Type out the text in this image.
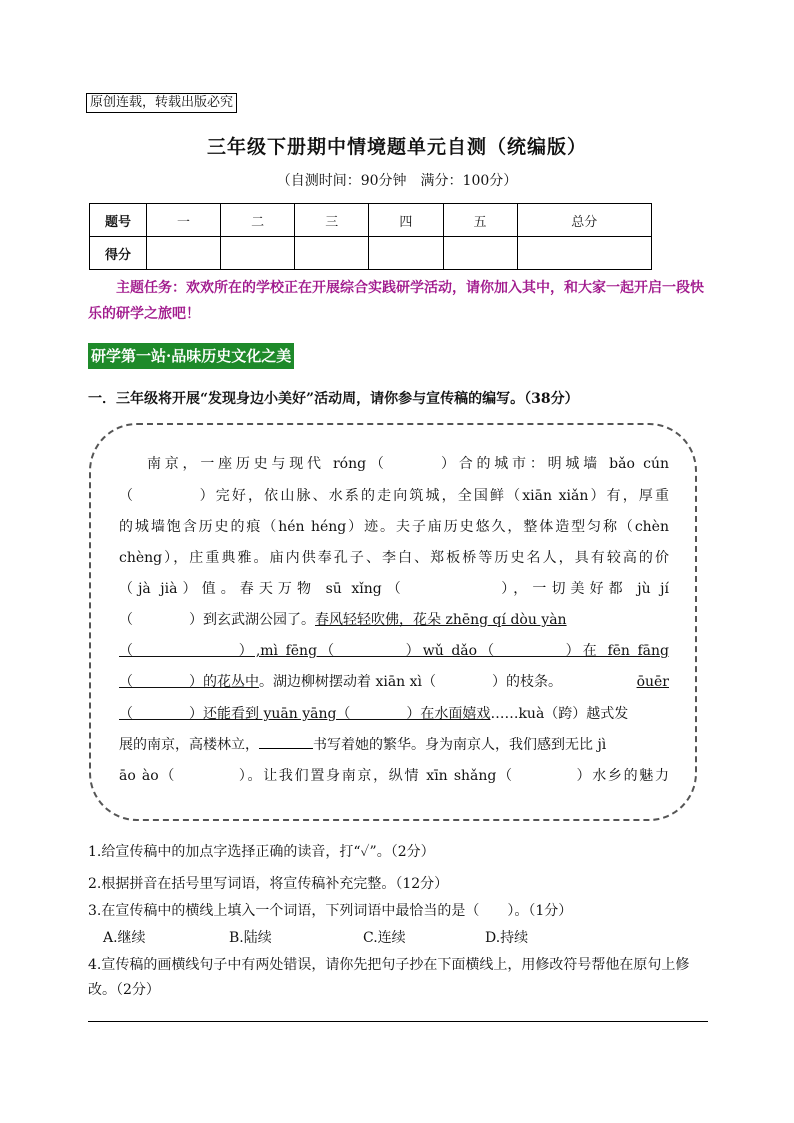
原创连载，转载出版必究
三年级下册期中情境题单元自测（统编版）
（自测时间：90分钟　满分：100分）
题号	一	二	三	四	五	总分
得分						
主题任务：欢欢所在的学校正在开展综合实践研学活动，请你加入其中，和大家一起开启一段快乐的研学之旅吧！
研学第一站·品味历史文化之美
一．三年级将开展“发现身边小美好”活动周，请你参与宣传稿的编写。（38分）
南京，一座历史与现代 róng（　　　）合的城市：明城墙 bǎo cún
（　　　　）完好，依山脉、水系的走向筑城，全国鲜（xiān xiǎn）有，厚重
的城墙饱含历史的痕（hén héng）迹。夫子庙历史悠久，整体造型匀称（chèn
chèng），庄重典雅。庙内供奉孔子、李白、郑板桥等历史名人，具有较高的价
（jà jià）值。春天万物 sū xǐng（　　　　　），一切美好都 jù jí
（　　　　）到玄武湖公园了。春风轻轻吹佛，花朵 zhēng qí dòu yàn
（　　　　　　）,mì fēng（　　　　）wǔ dǎo（　　　　）在 fēn fāng
（　　　　）的花丛中。湖边柳树摆动着 xiān xì（　　　　）的枝条。	ōuēr
（　　　　）还能看到 yuān yāng（　　　　）在水面嬉戏……kuà（跨）越式发
展的南京，高楼林立，	书写着她的繁华。身为南京人，我们感到无比 jì
āo ào（　　　　）。让我们置身南京，纵情 xīn shǎng（　　　　）水乡的魅力
1.给宣传稿中的加点字选择正确的读音，打“✓”。（2分）
2.根据拼音在括号里写词语，将宣传稿补充完整。（12分）
3.在宣传稿中的横线上填入一个词语，下列词语中最恰当的是（　　）。（1分）
A.继续	B.陆续	C.连续	D.持续
4.宣传稿的画横线句子中有两处错误，请你先把句子抄在下面横线上，用修改符号帮他在原句上修改。（2分）
